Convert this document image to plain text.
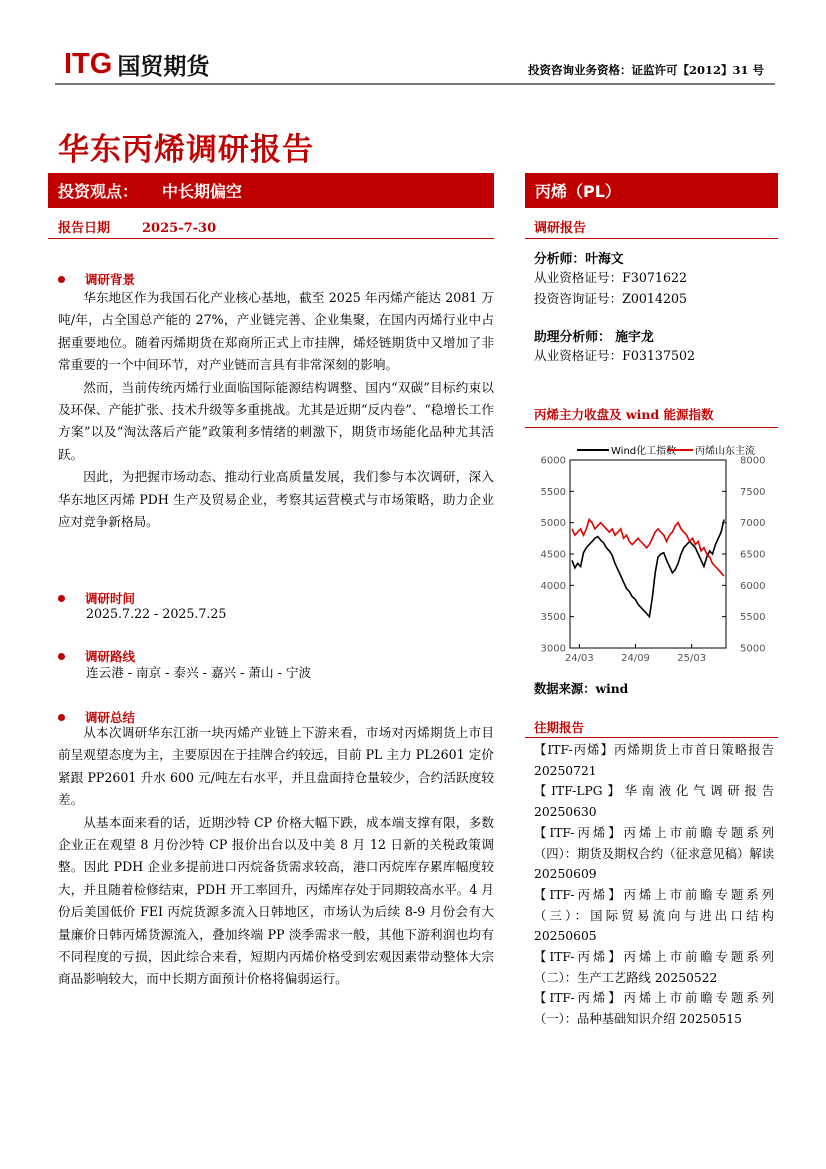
ITG 国贸期货	投资咨询业务资格：证监许可【2012】31 号
华东丙烯调研报告
投资观点： 中长期偏空	丙烯（PL）
报告日期 2025-7-30	调研报告
调研背景
华东地区作为我国石化产业核心基地，截至 2025 年丙烯产能达 2081 万吨/年，占全国总产能的 27%，产业链完善、企业集聚，在国内丙烯行业中占据重要地位。随着丙烯期货在郑商所正式上市挂牌，烯烃链期货中又增加了非常重要的一个中间环节，对产业链而言具有非常深刻的影响。
然而，当前传统丙烯行业面临国际能源结构调整、国内“双碳”目标约束以及环保、产能扩张、技术升级等多重挑战。尤其是近期“反内卷”、“稳增长工作方案”以及“淘汰落后产能”政策利多情绪的刺激下，期货市场能化品种尤其活跃。
因此，为把握市场动态、推动行业高质量发展，我们参与本次调研，深入华东地区丙烯 PDH 生产及贸易企业，考察其运营模式与市场策略，助力企业应对竞争新格局。
调研时间
2025.7.22 - 2025.7.25
调研路线
连云港 - 南京 - 泰兴 - 嘉兴 - 萧山 - 宁波
调研总结
从本次调研华东江浙一块丙烯产业链上下游来看，市场对丙烯期货上市目前呈观望态度为主，主要原因在于挂牌合约较远，目前 PL 主力 PL2601 定价紧跟 PP2601 升水 600 元/吨左右水平，并且盘面持仓量较少，合约活跃度较差。
从基本面来看的话，近期沙特 CP 价格大幅下跌，成本端支撑有限，多数企业正在观望 8 月份沙特 CP 报价出台以及中美 8 月 12 日新的关税政策调整。因此 PDH 企业多提前进口丙烷备货需求较高，港口丙烷库存累库幅度较大，并且随着检修结束，PDH 开工率回升，丙烯库存处于同期较高水平。4 月份后美国低价 FEI 丙烷货源多流入日韩地区，市场认为后续 8-9 月份会有大量廉价日韩丙烯货源流入，叠加终端 PP 淡季需求一般，其他下游利润也均有不同程度的亏损，因此综合来看，短期内丙烯价格受到宏观因素带动整体大宗商品影响较大，而中长期方面预计价格将偏弱运行。
分析师：叶海文
从业资格证号：F3071622
投资咨询证号：Z0014205
助理分析师： 施宇龙
从业资格证号：F03137502
丙烯主力收盘及 wind 能源指数
Wind化工指数 丙烯山东主流
3000
3500
4000
4500
5000
5500
6000
5000
5500
6000
6500
7000
7500
8000
24/03	24/09	25/03
数据来源：wind
往期报告
【ITF-丙烯】丙烯期货上市首日策略报告 20250721
【ITF-LPG】华南液化气调研报告 20250630
【ITF-丙烯】丙烯上市前瞻专题系列（四）：期货及期权合约（征求意见稿）解读 20250609
【ITF-丙烯】丙烯上市前瞻专题系列（三）：国际贸易流向与进出口结构 20250605
【ITF-丙烯】丙烯上市前瞻专题系列（二）：生产工艺路线 20250522
【ITF-丙烯】丙烯上市前瞻专题系列（一）：品种基础知识介绍 20250515
